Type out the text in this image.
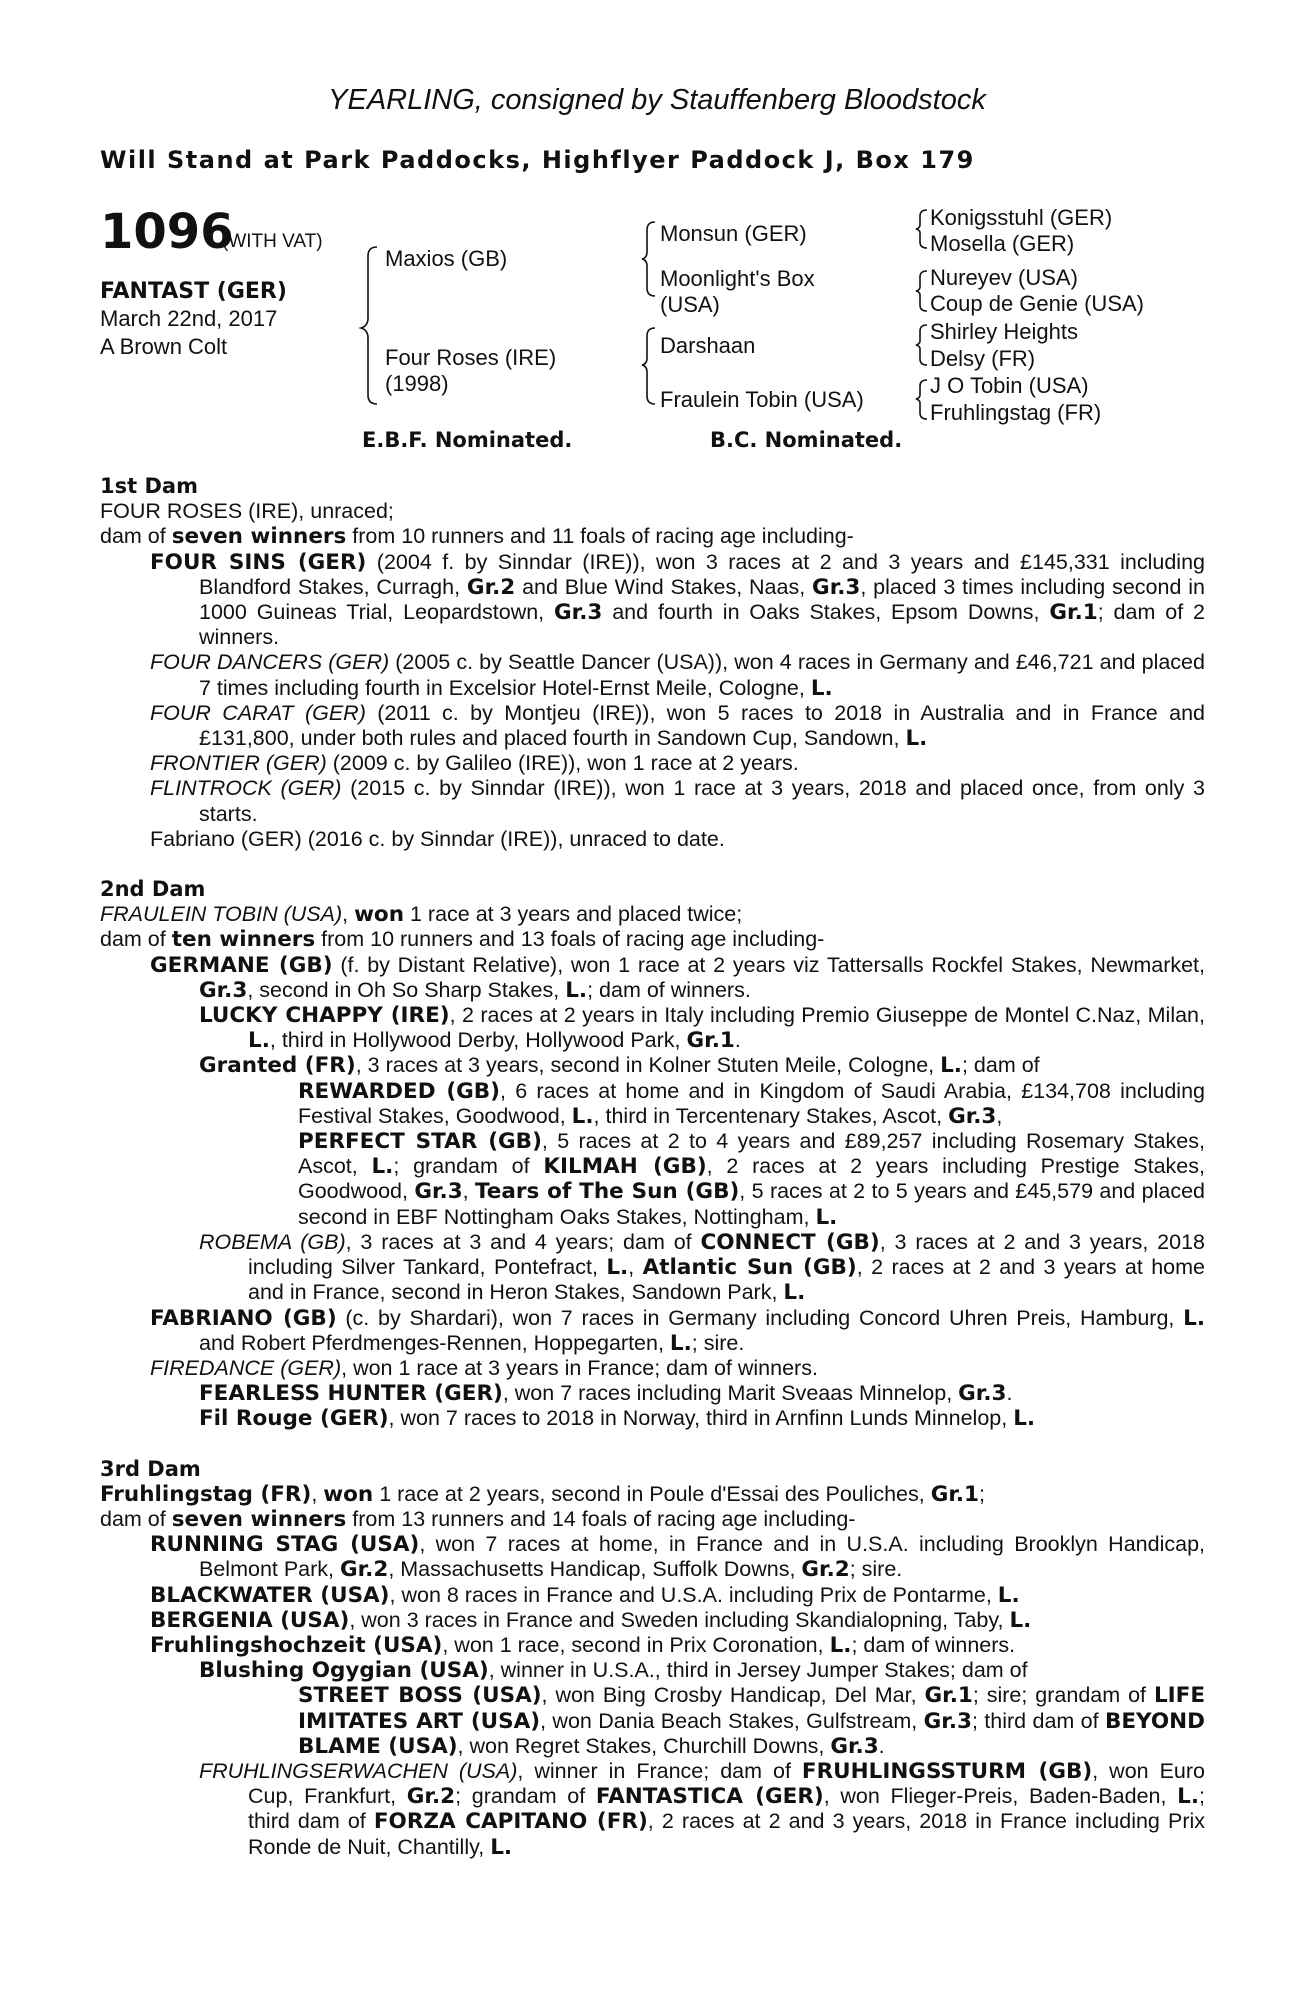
YEARLING, consigned by Stauffenberg Bloodstock
Will Stand at Park Paddocks, Highflyer Paddock J, Box 179
1096
(WITH VAT)
FANTAST (GER)
March 22nd, 2017
A Brown Colt
Maxios (GB)
Four Roses (IRE)
(1998)
Monsun (GER)
Moonlight's Box
(USA)
Darshaan
Fraulein Tobin (USA)
Konigsstuhl (GER)
Mosella (GER)
Nureyev (USA)
Coup de Genie (USA)
Shirley Heights
Delsy (FR)
J O Tobin (USA)
Fruhlingstag (FR)
E.B.F. Nominated.	B.C. Nominated.

1st Dam

FOUR ROSES (IRE), unraced;

dam of seven winners from 10 runners and 11 foals of racing age including-

FOUR SINS (GER) (2004 f. by Sinndar (IRE)), won 3 races at 2 and 3 years and £145,331 including Blandford Stakes, Curragh, Gr.2 and Blue Wind Stakes, Naas, Gr.3, placed 3 times including second in 1000 Guineas Trial, Leopardstown, Gr.3 and fourth in Oaks Stakes, Epsom Downs, Gr.1; dam of 2 winners.

FOUR DANCERS (GER) (2005 c. by Seattle Dancer (USA)), won 4 races in Germany and £46,721 and placed 7 times including fourth in Excelsior Hotel-Ernst Meile, Cologne, L.

FOUR CARAT (GER) (2011 c. by Montjeu (IRE)), won 5 races to 2018 in Australia and in France and £131,800, under both rules and placed fourth in Sandown Cup, Sandown, L.

FRONTIER (GER) (2009 c. by Galileo (IRE)), won 1 race at 2 years.

FLINTROCK (GER) (2015 c. by Sinndar (IRE)), won 1 race at 3 years, 2018 and placed once, from only 3 starts.

Fabriano (GER) (2016 c. by Sinndar (IRE)), unraced to date.

2nd Dam

FRAULEIN TOBIN (USA), won 1 race at 3 years and placed twice;

dam of ten winners from 10 runners and 13 foals of racing age including-

GERMANE (GB) (f. by Distant Relative), won 1 race at 2 years viz Tattersalls Rockfel Stakes, Newmarket, Gr.3, second in Oh So Sharp Stakes, L.; dam of winners.

LUCKY CHAPPY (IRE), 2 races at 2 years in Italy including Premio Giuseppe de Montel C.Naz, Milan, L., third in Hollywood Derby, Hollywood Park, Gr.1.

Granted (FR), 3 races at 3 years, second in Kolner Stuten Meile, Cologne, L.; dam of

REWARDED (GB), 6 races at home and in Kingdom of Saudi Arabia, £134,708 including Festival Stakes, Goodwood, L., third in Tercentenary Stakes, Ascot, Gr.3,

PERFECT STAR (GB), 5 races at 2 to 4 years and £89,257 including Rosemary Stakes, Ascot, L.; grandam of KILMAH (GB), 2 races at 2 years including Prestige Stakes, Goodwood, Gr.3, Tears of The Sun (GB), 5 races at 2 to 5 years and £45,579 and placed second in EBF Nottingham Oaks Stakes, Nottingham, L.

ROBEMA (GB), 3 races at 3 and 4 years; dam of CONNECT (GB), 3 races at 2 and 3 years, 2018 including Silver Tankard, Pontefract, L., Atlantic Sun (GB), 2 races at 2 and 3 years at home and in France, second in Heron Stakes, Sandown Park, L.

FABRIANO (GB) (c. by Shardari), won 7 races in Germany including Concord Uhren Preis, Hamburg, L. and Robert Pferdmenges-Rennen, Hoppegarten, L.; sire.

FIREDANCE (GER), won 1 race at 3 years in France; dam of winners.

FEARLESS HUNTER (GER), won 7 races including Marit Sveaas Minnelop, Gr.3.

Fil Rouge (GER), won 7 races to 2018 in Norway, third in Arnfinn Lunds Minnelop, L.

3rd Dam

Fruhlingstag (FR), won 1 race at 2 years, second in Poule d'Essai des Pouliches, Gr.1;

dam of seven winners from 13 runners and 14 foals of racing age including-

RUNNING STAG (USA), won 7 races at home, in France and in U.S.A. including Brooklyn Handicap, Belmont Park, Gr.2, Massachusetts Handicap, Suffolk Downs, Gr.2; sire.

BLACKWATER (USA), won 8 races in France and U.S.A. including Prix de Pontarme, L.

BERGENIA (USA), won 3 races in France and Sweden including Skandialopning, Taby, L.

Fruhlingshochzeit (USA), won 1 race, second in Prix Coronation, L.; dam of winners.

Blushing Ogygian (USA), winner in U.S.A., third in Jersey Jumper Stakes; dam of

STREET BOSS (USA), won Bing Crosby Handicap, Del Mar, Gr.1; sire; grandam of LIFE IMITATES ART (USA), won Dania Beach Stakes, Gulfstream, Gr.3; third dam of BEYOND BLAME (USA), won Regret Stakes, Churchill Downs, Gr.3.

FRUHLINGSERWACHEN (USA), winner in France; dam of FRUHLINGSSTURM (GB), won Euro Cup, Frankfurt, Gr.2; grandam of FANTASTICA (GER), won Flieger-Preis, Baden-Baden, L.; third dam of FORZA CAPITANO (FR), 2 races at 2 and 3 years, 2018 in France including Prix Ronde de Nuit, Chantilly, L.
